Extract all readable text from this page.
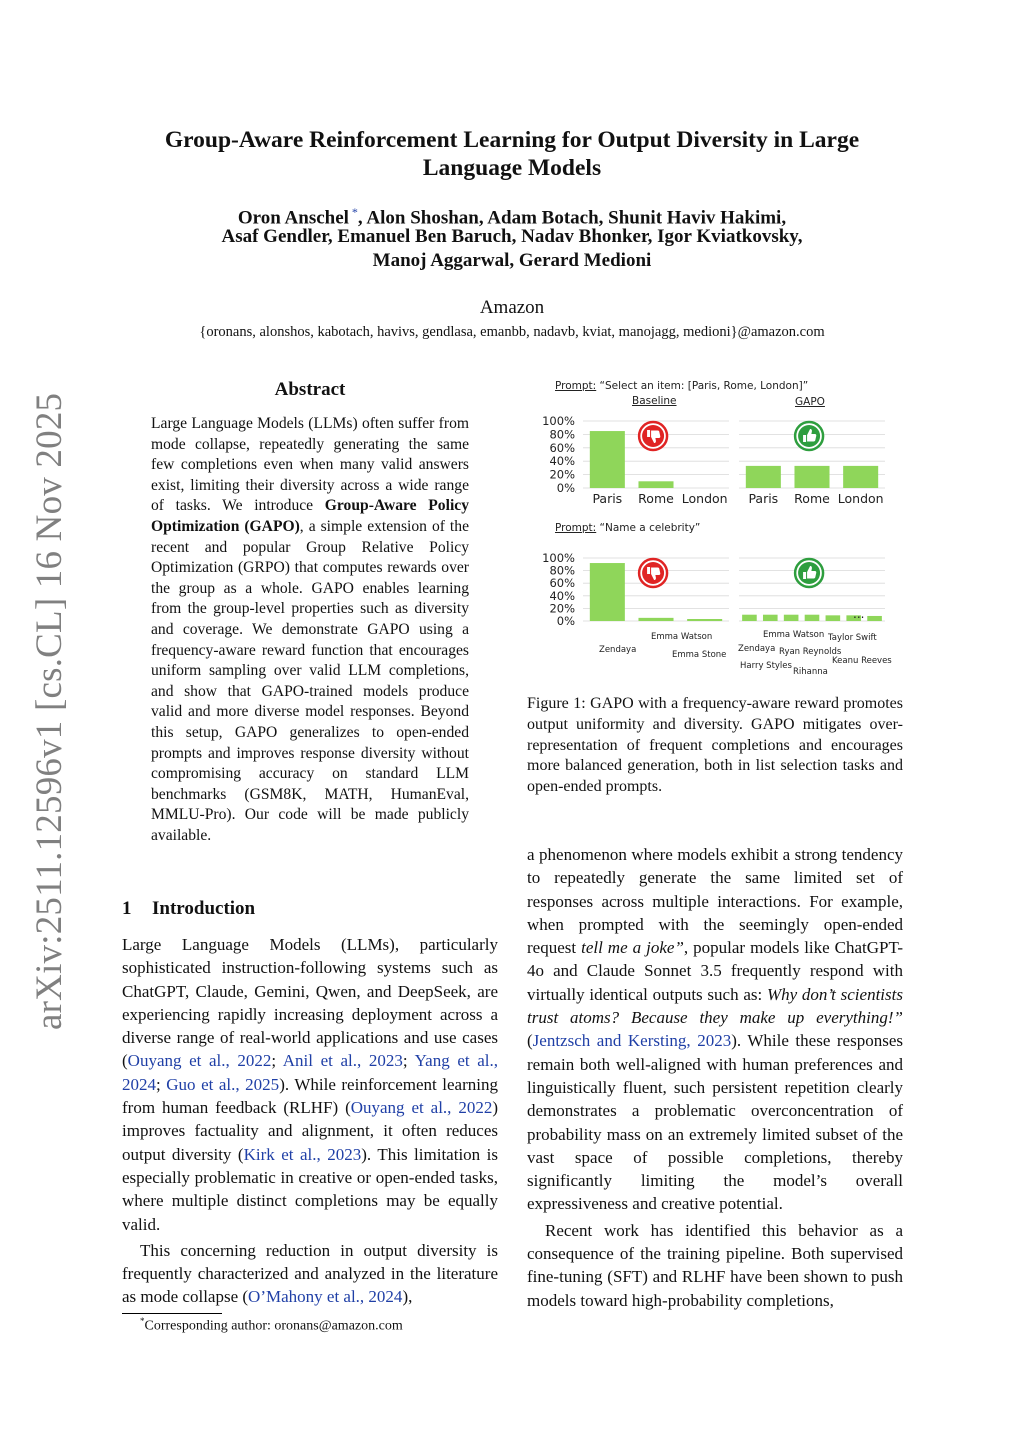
arXiv:2511.12596v1 [cs.CL] 16 Nov 2025
Group-Aware Reinforcement Learning for Output Diversity in Large
Language Models
Oron Anschel *, Alon Shoshan, Adam Botach, Shunit Haviv Hakimi,
Asaf Gendler, Emanuel Ben Baruch, Nadav Bhonker, Igor Kviatkovsky,
Manoj Aggarwal, Gerard Medioni
Amazon
{oronans, alonshos, kabotach, havivs, gendlasa, emanbb, nadavb, kviat, manojagg, medioni}@amazon.com
Abstract
Large Language Models (LLMs) often suffer from mode collapse, repeatedly generating the same few completions even when many valid answers exist, limiting their diversity across a wide range of tasks. We introduce Group-Aware Policy Optimization (GAPO), a simple extension of the recent and popular Group Relative Policy Optimization (GRPO) that computes rewards over the group as a whole. GAPO enables learning from the group-level properties such as diversity and coverage. We demonstrate GAPO using a frequency-aware reward function that encourages uniform sampling over valid LLM completions, and show that GAPO-trained models produce valid and more diverse model responses. Beyond this setup, GAPO generalizes to open-ended prompts and improves response diversity without compromising accuracy on standard LLM benchmarks (GSM8K, MATH, HumanEval, MMLU-Pro). Our code will be made publicly available.
1 Introduction

Large Language Models (LLMs), particularly sophisticated instruction-following systems such as ChatGPT, Claude, Gemini, Qwen, and DeepSeek, are experiencing rapidly increasing deployment across a diverse range of real-world applications and use cases (Ouyang et al., 2022; Anil et al., 2023; Yang et al., 2024; Guo et al., 2025). While reinforcement learning from human feedback (RLHF) (Ouyang et al., 2022) improves factuality and alignment, it often reduces output diversity (Kirk et al., 2023). This limitation is especially problematic in creative or open-ended tasks, where multiple distinct completions may be equally valid.

This concerning reduction in output diversity is frequently characterized and analyzed in the literature as mode collapse (O’Mahony et al., 2024),

*Corresponding author: oronans@amazon.com

a phenomenon where models exhibit a strong tendency to repeatedly generate the same limited set of responses across multiple interactions. For example, when prompted with the seemingly open-ended request tell me a joke”, popular models like ChatGPT-4o and Claude Sonnet 3.5 frequently respond with virtually identical outputs such as: Why don’t scientists trust atoms? Because they make up everything!” (Jentzsch and Kersting, 2023). While these responses remain both well-aligned with human preferences and linguistically fluent, such persistent repetition clearly demonstrates a problematic overconcentration of probability mass on an extremely limited subset of the vast space of possible completions, thereby significantly limiting the model’s overall expressiveness and creative potential.

Recent work has identified this behavior as a consequence of the training pipeline. Both supervised fine-tuning (SFT) and RLHF have been shown to push models toward high-probability completions,

Prompt: “Select an item: [Paris, Rome, London]”
Baseline	GAPO
Prompt: “Name a celebrity”
100%
80%
60%
40%
20%
0%
Paris Rome London Paris Rome London
100%
80%
60%
40%
20%
0%
Zendaya
Emma Watson
Emma Stone
Zendaya
Emma Watson
Harry Styles
Ryan Reynolds
Rihanna
Taylor Swift
Keanu Reeves
...
Figure 1: GAPO with a frequency-aware reward promotes output uniformity and diversity. GAPO mitigates over-representation of frequent completions and encourages more balanced generation, both in list selection tasks and open-ended prompts.
